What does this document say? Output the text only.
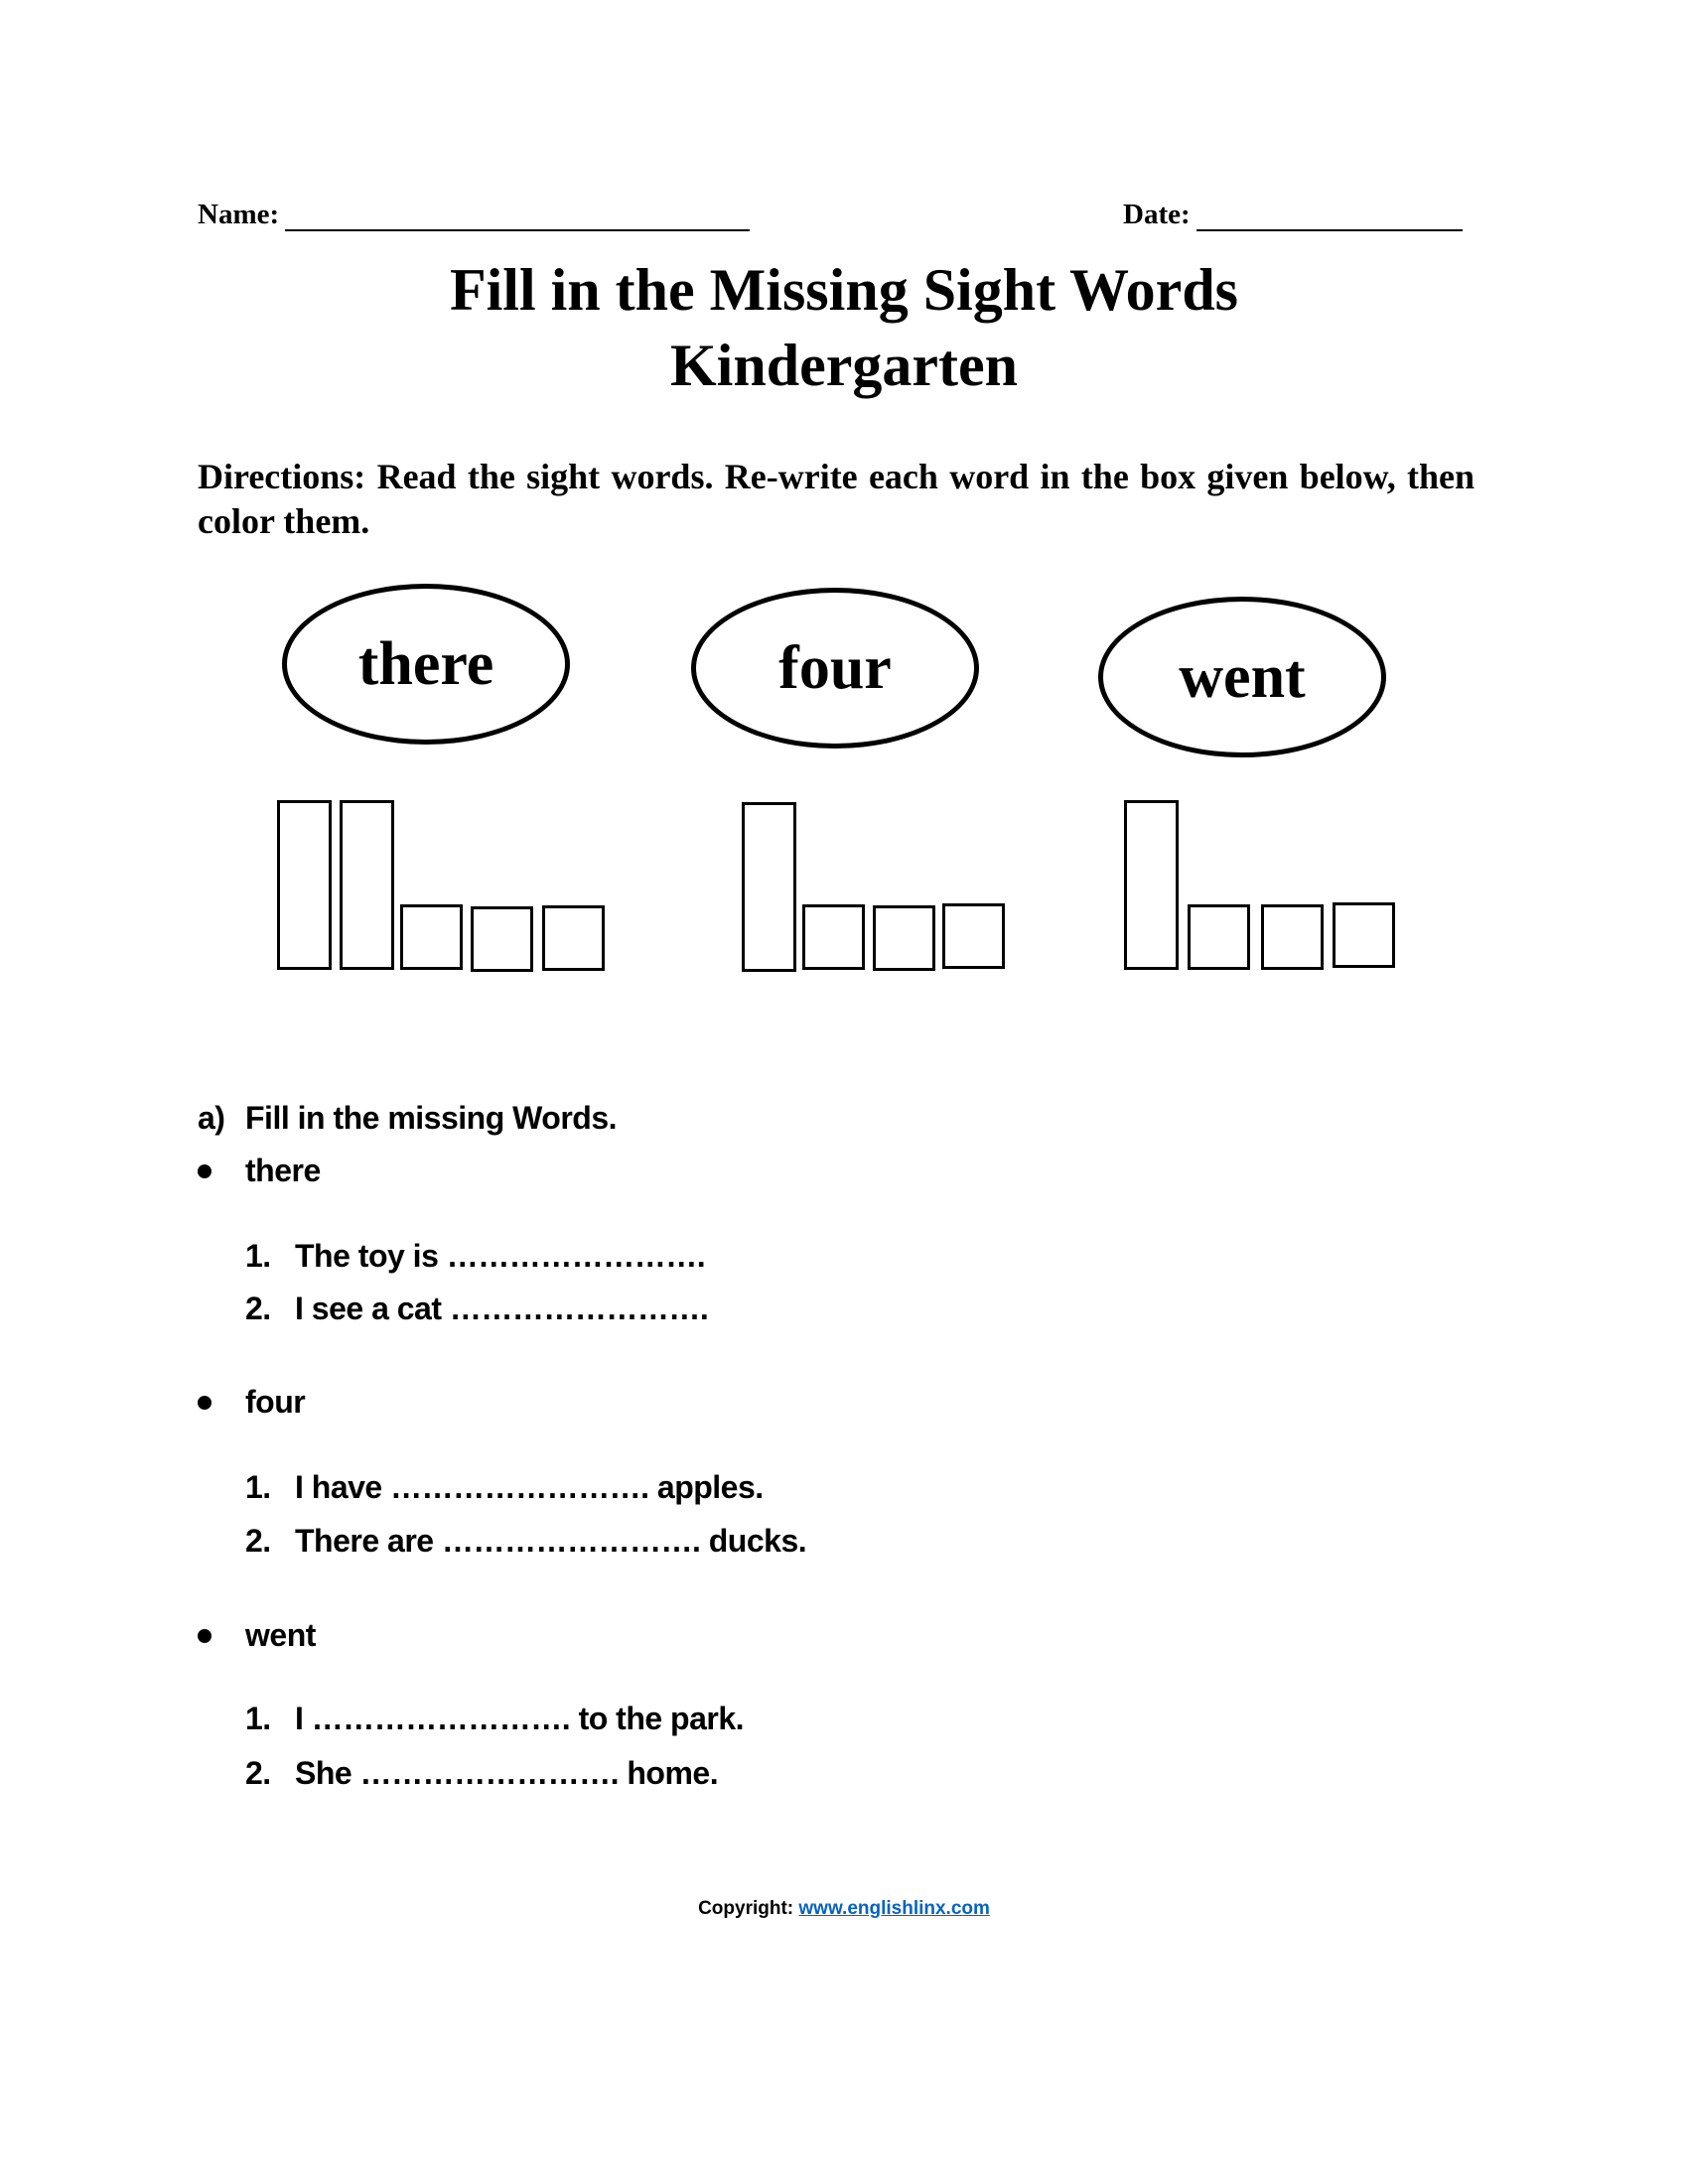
Name:	Date:
Fill in the Missing Sight Words
Kindergarten
Directions: Read the sight words. Re-write each word in the box given below, then color them.
there	four	went
a) Fill in the missing Words.
there
1. The toy is …………………….
2. I see a cat …………………….
four
1. I have ……………………. apples.
2. There are ……………………. ducks.
went
1. I ……………………. to the park.
2. She ……………………. home.
Copyright: www.englishlinx.com
